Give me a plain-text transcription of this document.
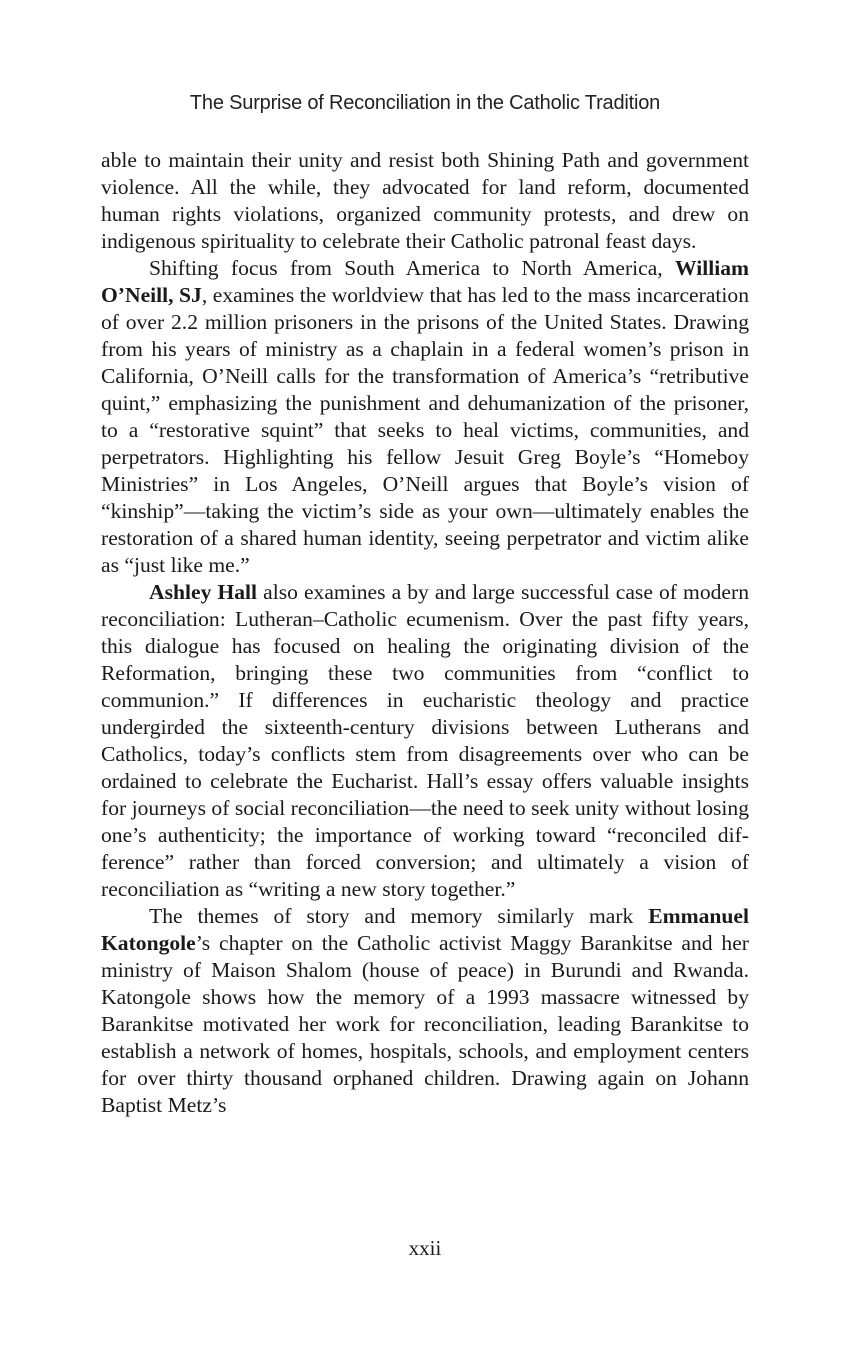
The Surprise of Reconciliation in the Catholic Tradition

able to maintain their unity and resist both Shining Path and government violence. All the while, they advocated for land reform, documented human rights violations, organized community protests, and drew on indigenous spirituality to celebrate their Catholic patronal feast days.

Shifting focus from South America to North America, William O’Neill, SJ, examines the worldview that has led to the mass incarceration of over 2.2 million prisoners in the prisons of the United States. Drawing from his years of ministry as a chaplain in a federal women’s prison in California, O’Neill calls for the transformation of America’s “retributive quint,” emphasizing the punishment and dehumanization of the prisoner, to a “restorative squint” that seeks to heal victims, communities, and perpetrators. Highlighting his fellow Jesuit Greg Boyle’s “Homeboy Ministries” in Los Angeles, O’Neill argues that Boyle’s vision of “kinship”—taking the victim’s side as your own—ultimately enables the restoration of a shared human identity, seeing perpetrator and victim alike as “just like me.”

Ashley Hall also examines a by and large successful case of modern reconciliation: Lutheran–Catholic ecumenism. Over the past fifty years, this dialogue has focused on healing the originating division of the Reformation, bringing these two communities from “conflict to communion.” If differences in eucharistic theology and practice undergirded the sixteenth-century divisions between Lutherans and Catholics, today’s conflicts stem from disagreements over who can be ordained to celebrate the Eucharist. Hall’s essay offers valuable insights for journeys of social reconciliation—the need to seek unity without losing one’s authenticity; the importance of working toward “reconciled difference” rather than forced conversion; and ultimately a vision of reconciliation as “writing a new story together.”

The themes of story and memory similarly mark Emmanuel Katongole’s chapter on the Catholic activist Maggy Barankitse and her ministry of Maison Shalom (house of peace) in Burundi and Rwanda. Katongole shows how the memory of a 1993 massacre witnessed by Barankitse motivated her work for reconciliation, leading Barankitse to establish a network of homes, hospitals, schools, and employment centers for over thirty thousand orphaned children. Drawing again on Johann Baptist Metz’s

xxii
